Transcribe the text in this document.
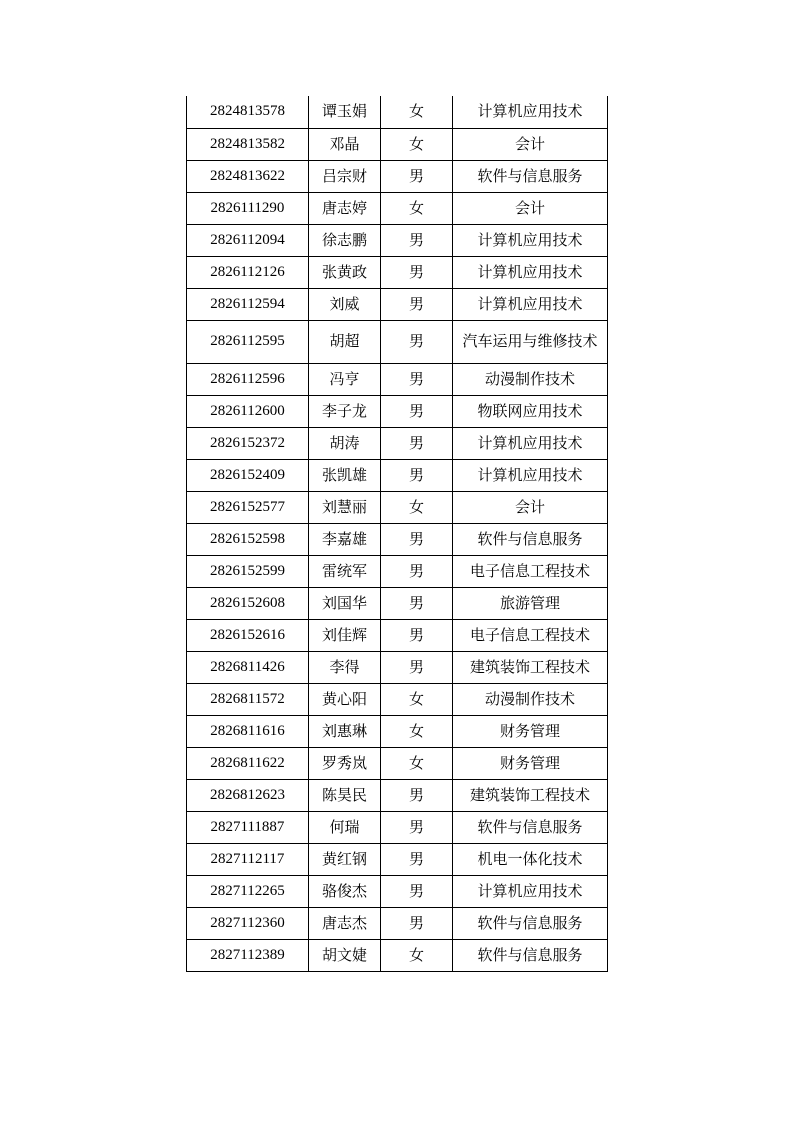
2824813578	谭玉娟	女	计算机应用技术
2824813582	邓晶	女	会计
2824813622	吕宗财	男	软件与信息服务
2826111290	唐志婷	女	会计
2826112094	徐志鹏	男	计算机应用技术
2826112126	张黄政	男	计算机应用技术
2826112594	刘威	男	计算机应用技术
2826112595	胡超	男	汽车运用与维修技术
2826112596	冯亨	男	动漫制作技术
2826112600	李子龙	男	物联网应用技术
2826152372	胡涛	男	计算机应用技术
2826152409	张凯雄	男	计算机应用技术
2826152577	刘慧丽	女	会计
2826152598	李嘉雄	男	软件与信息服务
2826152599	雷统军	男	电子信息工程技术
2826152608	刘国华	男	旅游管理
2826152616	刘佳辉	男	电子信息工程技术
2826811426	李得	男	建筑装饰工程技术
2826811572	黄心阳	女	动漫制作技术
2826811616	刘惠琳	女	财务管理
2826811622	罗秀岚	女	财务管理
2826812623	陈昊民	男	建筑装饰工程技术
2827111887	何瑞	男	软件与信息服务
2827112117	黄红钢	男	机电一体化技术
2827112265	骆俊杰	男	计算机应用技术
2827112360	唐志杰	男	软件与信息服务
2827112389	胡文婕	女	软件与信息服务
